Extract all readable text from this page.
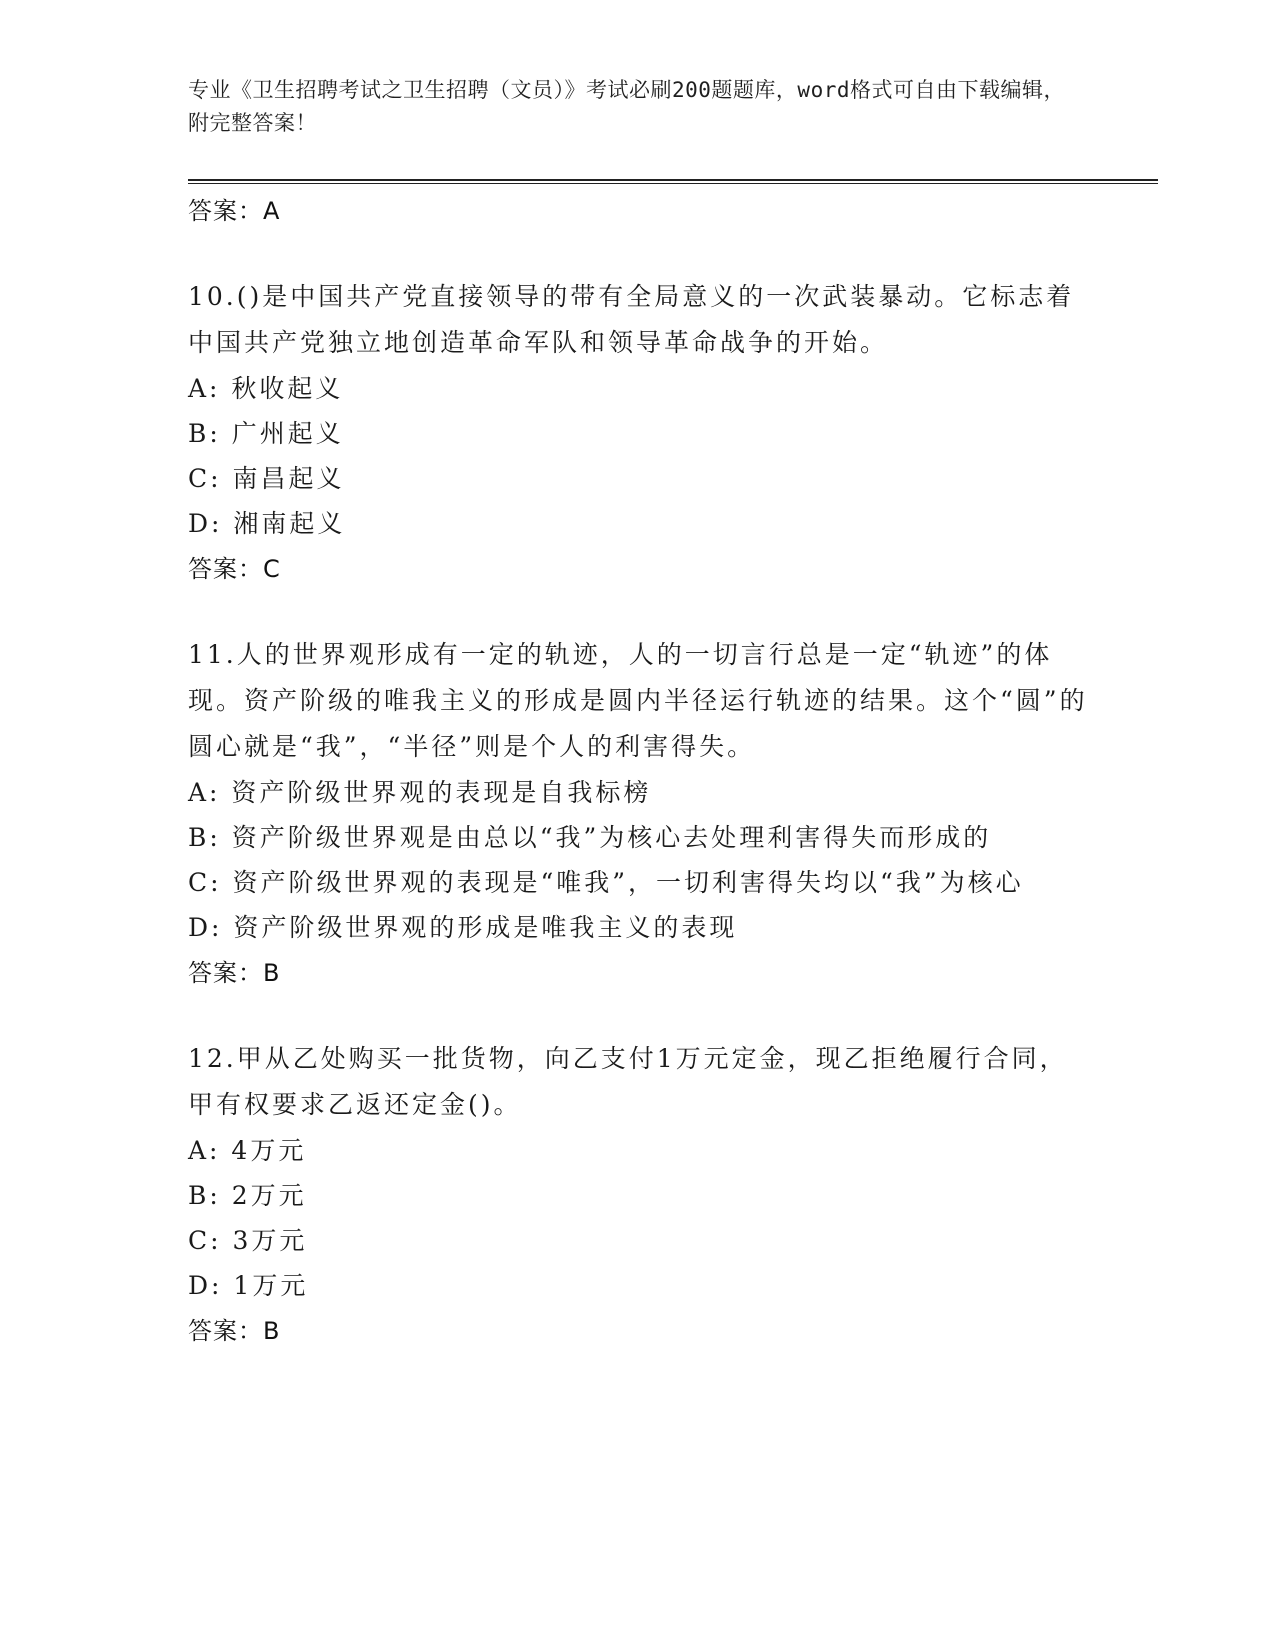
专业《卫生招聘考试之卫生招聘（文员）》考试必刷200题题库，word格式可自由下载编辑，附完整答案！
答案：A

10.()是中国共产党直接领导的带有全局意义的一次武装暴动。它标志着中国共产党独立地创造革命军队和领导革命战争的开始。

A: 秋收起义
B: 广州起义
C: 南昌起义
D: 湘南起义
答案：C

11.人的世界观形成有一定的轨迹，人的一切言行总是一定“轨迹”的体现。资产阶级的唯我主义的形成是圆内半径运行轨迹的结果。这个“圆”的圆心就是“我”，“半径”则是个人的利害得失。

A: 资产阶级世界观的表现是自我标榜
B: 资产阶级世界观是由总以“我”为核心去处理利害得失而形成的
C: 资产阶级世界观的表现是“唯我”，一切利害得失均以“我”为核心
D: 资产阶级世界观的形成是唯我主义的表现
答案：B

12.甲从乙处购买一批货物，向乙支付1万元定金，现乙拒绝履行合同，甲有权要求乙返还定金()。

A: 4万元
B: 2万元
C: 3万元
D: 1万元
答案：B
